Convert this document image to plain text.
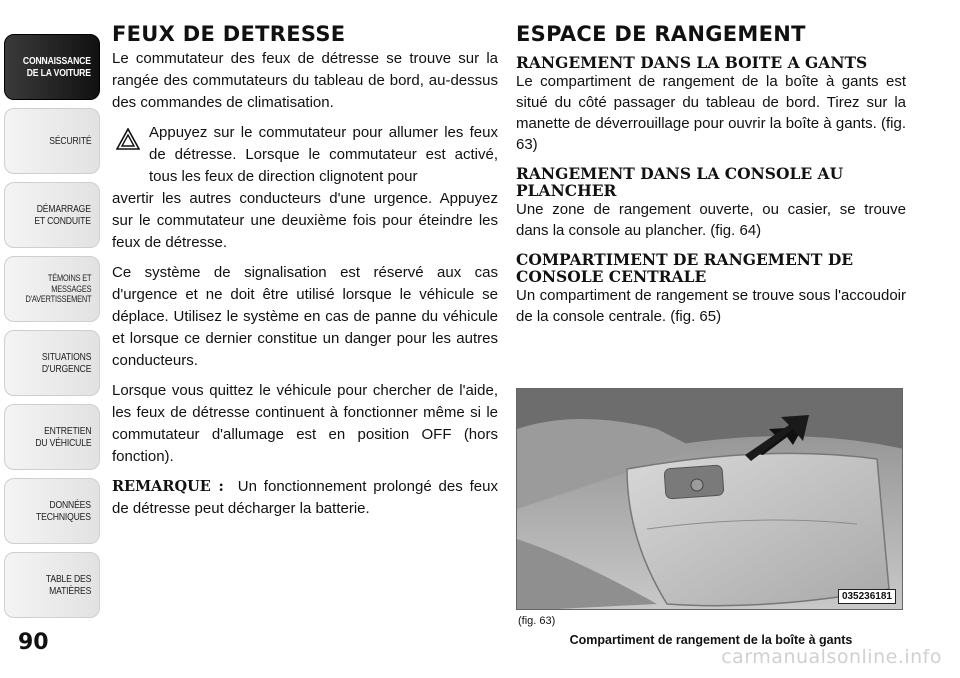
CONNAISSANCE
DE LA VOITURE
SÉCURITÉ
DÉMARRAGE
ET CONDUITE
TÉMOINS ET
MESSAGES
D'AVERTISSEMENT
SITUATIONS
D'URGENCE
ENTRETIEN
DU VÉHICULE
DONNÉES
TECHNIQUES
TABLE DES
MATIÈRES
90
FEUX DE DETRESSE

Le commutateur des feux de détresse se trouve sur la rangée des commutateurs du tableau de bord, au-dessus des commandes de climatisation.

Appuyez sur le commutateur pour allumer les feux de détresse. Lorsque le commutateur est activé, tous les feux de direction clignotent pour

avertir les autres conducteurs d'une urgence. Appuyez sur le commutateur une deuxième fois pour éteindre les feux de détresse.

Ce système de signalisation est réservé aux cas d'urgence et ne doit être utilisé lorsque le véhicule se déplace. Utilisez le système en cas de panne du véhicule et lorsque ce dernier constitue un danger pour les autres conducteurs.

Lorsque vous quittez le véhicule pour chercher de l'aide, les feux de détresse continuent à fonctionner même si le commutateur d'allumage est en position OFF (hors fonction).

REMARQUE : Un fonctionnement prolongé des feux de détresse peut décharger la batterie.

ESPACE DE RANGEMENT
RANGEMENT DANS LA BOITE A GANTS

Le compartiment de rangement de la boîte à gants est situé du côté passager du tableau de bord. Tirez sur la manette de déverrouillage pour ouvrir la boîte à gants. (fig. 63)

RANGEMENT DANS LA CONSOLE AU PLANCHER

Une zone de rangement ouverte, ou casier, se trouve dans la console au plancher. (fig. 64)

COMPARTIMENT DE RANGEMENT DE CONSOLE CENTRALE

Un compartiment de rangement se trouve sous l'accoudoir de la console centrale. (fig. 65)

035236181
(fig. 63)
Compartiment de rangement de la boîte à gants
carmanualsonline.info
